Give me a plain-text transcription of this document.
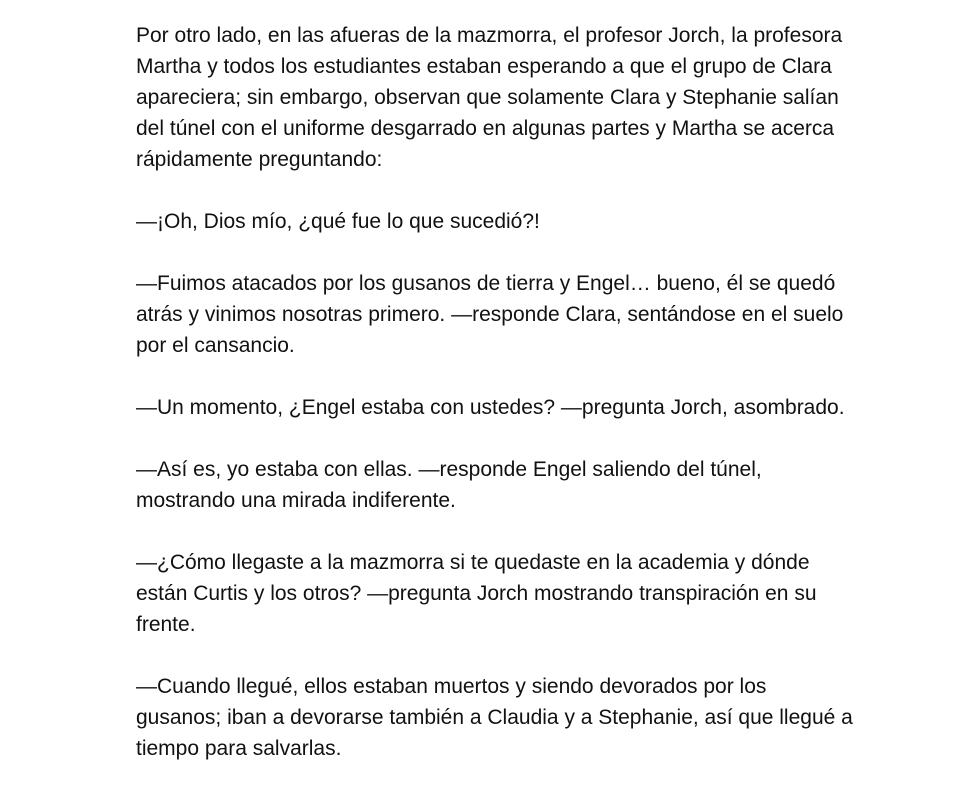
Por otro lado, en las afueras de la mazmorra, el profesor Jorch, la profesora Martha y todos los estudiantes estaban esperando a que el grupo de Clara apareciera; sin embargo, observan que solamente Clara y Stephanie salían del túnel con el uniforme desgarrado en algunas partes y Martha se acerca rápidamente preguntando:

—¡Oh, Dios mío, ¿qué fue lo que sucedió?!

—Fuimos atacados por los gusanos de tierra y Engel… bueno, él se quedó atrás y vinimos nosotras primero. —responde Clara, sentándose en el suelo por el cansancio.

—Un momento, ¿Engel estaba con ustedes? —pregunta Jorch, asombrado.

—Así es, yo estaba con ellas. —responde Engel saliendo del túnel, mostrando una mirada indiferente.

—¿Cómo llegaste a la mazmorra si te quedaste en la academia y dónde están Curtis y los otros? —pregunta Jorch mostrando transpiración en su frente.

—Cuando llegué, ellos estaban muertos y siendo devorados por los gusanos; iban a devorarse también a Claudia y a Stephanie, así que llegué a tiempo para salvarlas.
